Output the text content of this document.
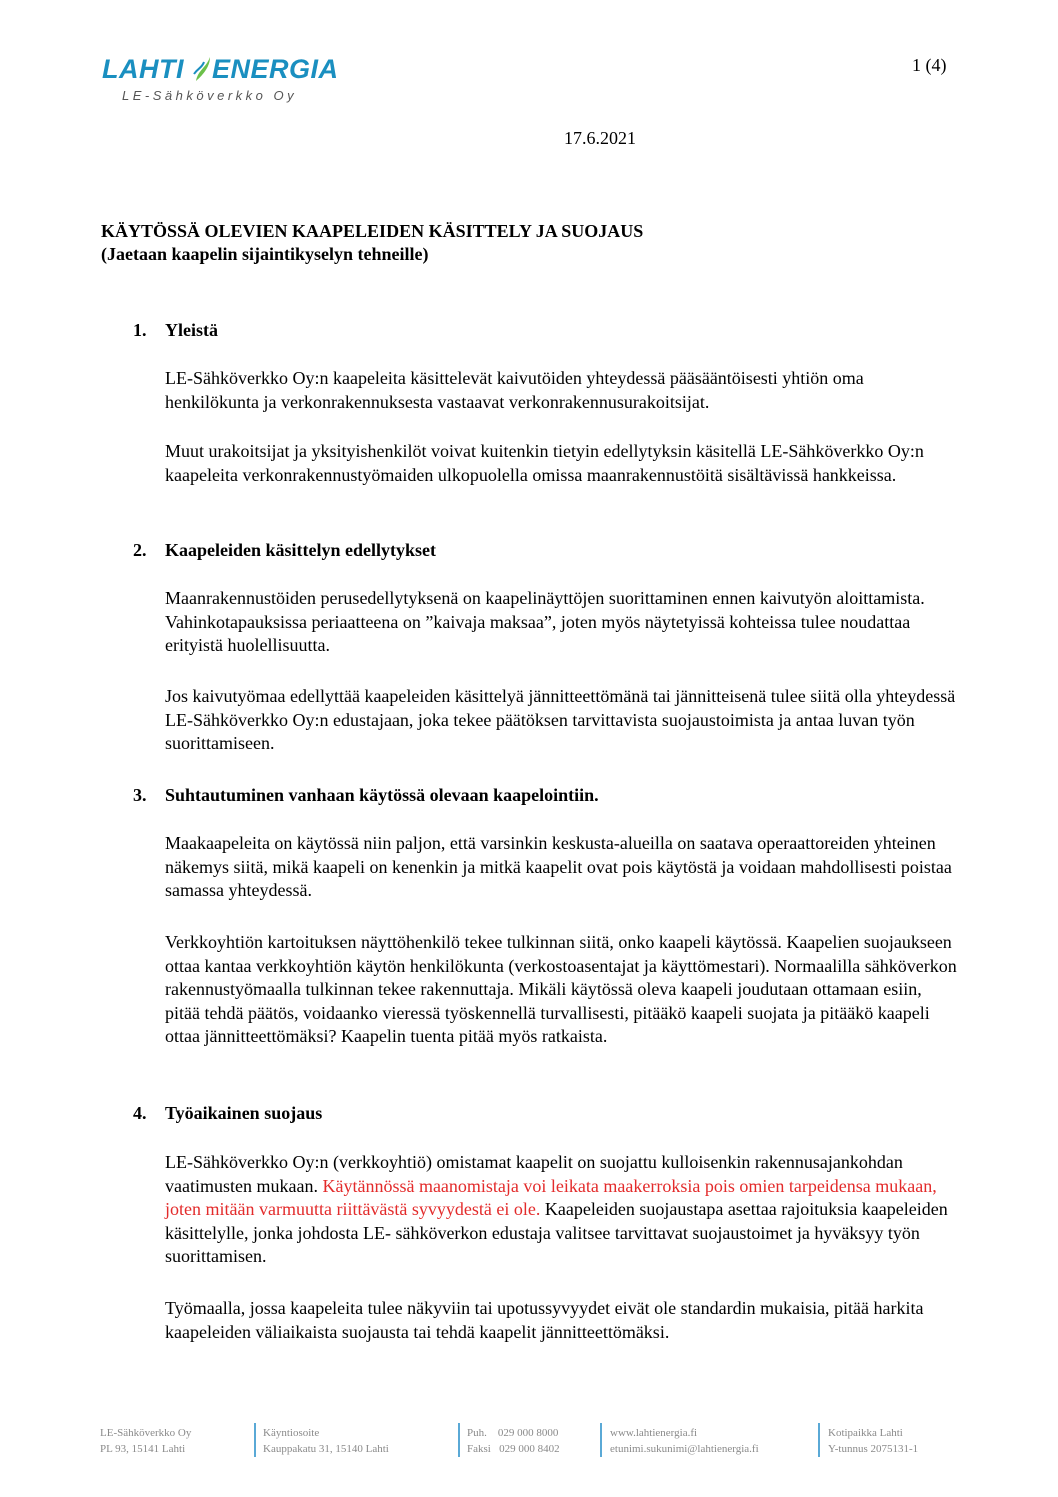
LAHTI ENERGIA
LE-Sähköverkko Oy
1 (4)
17.6.2021
KÄYTÖSSÄ OLEVIEN KAAPELEIDEN KÄSITTELY JA SUOJAUS
(Jaetaan kaapelin sijaintikyselyn tehneille)
1. Yleistä

LE-Sähköverkko Oy:n kaapeleita käsittelevät kaivutöiden yhteydessä pääsääntöisesti yhtiön oma henkilökunta ja verkonrakennuksesta vastaavat verkonrakennusurakoitsijat.

Muut urakoitsijat ja yksityishenkilöt voivat kuitenkin tietyin edellytyksin käsitellä LE-Sähköverkko Oy:n kaapeleita verkonrakennustyömaiden ulkopuolella omissa maanrakennustöitä sisältävissä hankkeissa.

2. Kaapeleiden käsittelyn edellytykset

Maanrakennustöiden perusedellytyksenä on kaapelinäyttöjen suorittaminen ennen kaivutyön aloittamista. Vahinkotapauksissa periaatteena on ”kaivaja maksaa”, joten myös näytetyissä kohteissa tulee noudattaa erityistä huolellisuutta.

Jos kaivutyömaa edellyttää kaapeleiden käsittelyä jännitteettömänä tai jännitteisenä tulee siitä olla yhteydessä LE-Sähköverkko Oy:n edustajaan, joka tekee päätöksen tarvittavista suojaustoimista ja antaa luvan työn suorittamiseen.

3. Suhtautuminen vanhaan käytössä olevaan kaapelointiin.

Maakaapeleita on käytössä niin paljon, että varsinkin keskusta-alueilla on saatava operaattoreiden yhteinen näkemys siitä, mikä kaapeli on kenenkin ja mitkä kaapelit ovat pois käytöstä ja voidaan mahdollisesti poistaa samassa yhteydessä.

Verkkoyhtiön kartoituksen näyttöhenkilö tekee tulkinnan siitä, onko kaapeli käytössä. Kaapelien suojaukseen ottaa kantaa verkkoyhtiön käytön henkilökunta (verkostoasentajat ja käyttömestari). Normaalilla sähköverkon rakennustyömaalla tulkinnan tekee rakennuttaja. Mikäli käytössä oleva kaapeli joudutaan ottamaan esiin, pitää tehdä päätös, voidaanko vieressä työskennellä turvallisesti, pitääkö kaapeli suojata ja pitääkö kaapeli ottaa jännitteettömäksi? Kaapelin tuenta pitää myös ratkaista.

4. Työaikainen suojaus

LE-Sähköverkko Oy:n (verkkoyhtiö) omistamat kaapelit on suojattu kulloisenkin rakennusajankohdan vaatimusten mukaan. Käytännössä maanomistaja voi leikata maakerroksia pois omien tarpeidensa mukaan, joten mitään varmuutta riittävästä syvyydestä ei ole. Kaapeleiden suojaustapa asettaa rajoituksia kaapeleiden käsittelylle, jonka johdosta LE- sähköverkon edustaja valitsee tarvittavat suojaustoimet ja hyväksyy työn suorittamisen.

Työmaalla, jossa kaapeleita tulee näkyviin tai upotussyvyydet eivät ole standardin mukaisia, pitää harkita kaapeleiden väliaikaista suojausta tai tehdä kaapelit jännitteettömäksi.

LE-Sähköverkko Oy
PL 93, 15141 Lahti
Käyntiosoite
Kauppakatu 31, 15140 Lahti
Puh.    029 000 8000
Faksi   029 000 8402
www.lahtienergia.fi
etunimi.sukunimi@lahtienergia.fi
Kotipaikka Lahti
Y-tunnus 2075131-1
